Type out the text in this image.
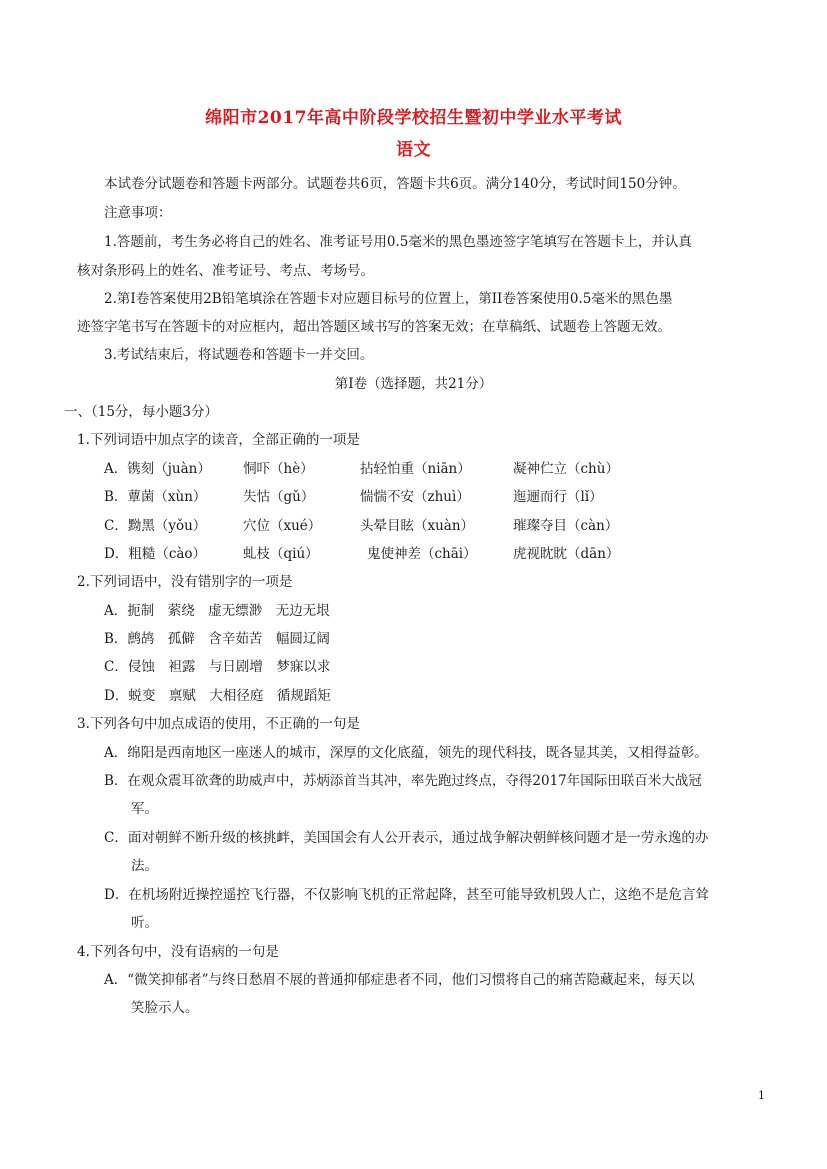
绵阳市2017年高中阶段学校招生暨初中学业水平考试
语文
本试卷分试题卷和答题卡两部分。试题卷共6页，答题卡共6页。满分140分，考试时间150分钟。
注意事项：
1.答题前，考生务必将自己的姓名、准考证号用0.5毫米的黑色墨迹签字笔填写在答题卡上，并认真
核对条形码上的姓名、准考证号、考点、考场号。
2.第I卷答案使用2B铅笔填涂在答题卡对应题目标号的位置上，第II卷答案使用0.5毫米的黑色墨
迹签字笔书写在答题卡的对应框内，超出答题区域书写的答案无效；在草稿纸、试题卷上答题无效。
3.考试结束后，将试题卷和答题卡一并交回。
第I卷（选择题，共21分）
一、（15分，每小题3分）
1.下列词语中加点字的读音，全部正确的一项是
A．镌刻（juàn） 恫吓（hè）	拈轻怕重（niān）	凝神伫立（chù）
B．蕈菌（xùn）	失怙（gǔ）	惴惴不安（zhuì）	迤逦而行（lǐ）
C．黝黑（yǒu）	穴位（xué）	头晕目眩（xuàn）	璀璨夺目（càn）
D．粗糙（cào）	虬枝（qiú）	鬼使神差（chāi）	虎视眈眈（dān）
2.下列词语中，没有错别字的一项是
A．扼制　萦绕　虚无缥渺　无边无垠
B．鹧鸪　孤僻　含辛茹苦　幅圆辽阔
C．侵蚀　袒露　与日剧增　梦寐以求
D．蜕变　禀赋　大相径庭　循规蹈矩
3.下列各句中加点成语的使用，不正确的一句是
A．绵阳是西南地区一座迷人的城市，深厚的文化底蕴，领先的现代科技，既各显其美，又相得益彰。
B．在观众震耳欲聋的助威声中，苏炳添首当其冲，率先跑过终点，夺得2017年国际田联百米大战冠
军。
C．面对朝鲜不断升级的核挑衅，美国国会有人公开表示，通过战争解决朝鲜核问题才是一劳永逸的办
法。
D．在机场附近操控遥控飞行器，不仅影响飞机的正常起降，甚至可能导致机毁人亡，这绝不是危言耸
听。
4.下列各句中，没有语病的一句是
A．“微笑抑郁者”与终日愁眉不展的普通抑郁症患者不同，他们习惯将自己的痛苦隐藏起来，每天以
笑脸示人。
1
